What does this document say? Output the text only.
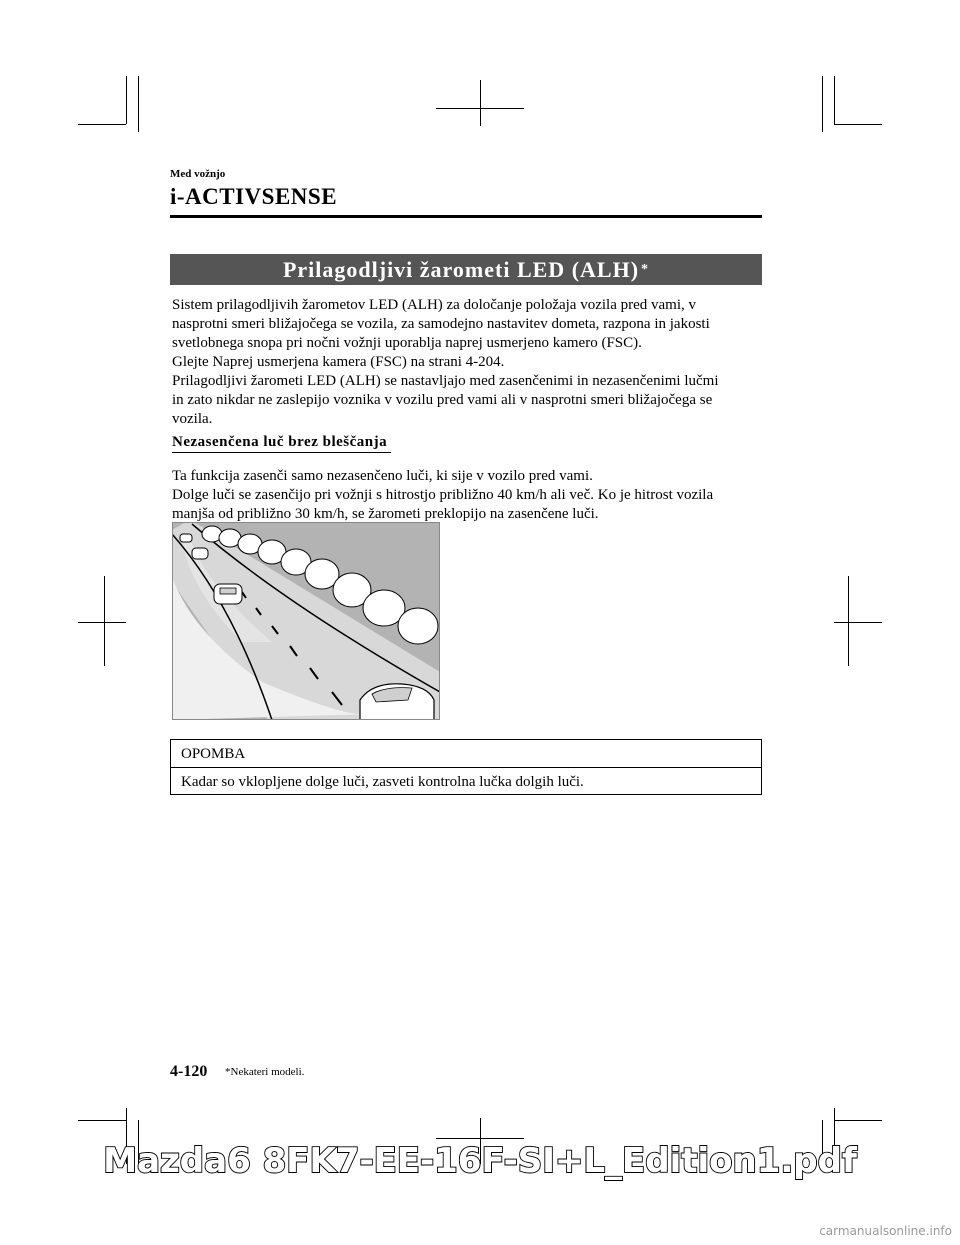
Med vožnjo
i-ACTIVSENSE
Prilagodljivi žarometi LED (ALH) *
Sistem prilagodljivih žarometov LED (ALH) za določanje položaja vozila pred vami, v
nasprotni smeri bližajočega se vozila, za samodejno nastavitev dometa, razpona in jakosti
svetlobnega snopa pri nočni vožnji uporablja naprej usmerjeno kamero (FSC).
Glejte Naprej usmerjena kamera (FSC) na strani 4-204.
Prilagodljivi žarometi LED (ALH) se nastavljajo med zasenčenimi in nezasenčenimi lučmi
in zato nikdar ne zaslepijo voznika v vozilu pred vami ali v nasprotni smeri bližajočega se
vozila.
Nezasenčena luč brez bleščanja
Ta funkcija zasenči samo nezasenčeno luči, ki sije v vozilo pred vami.
Dolge luči se zasenčijo pri vožnji s hitrostjo približno 40 km/h ali več. Ko je hitrost vozila
manjša od približno 30 km/h, se žarometi preklopijo na zasenčene luči.
OPOMBA
Kadar so vklopljene dolge luči, zasveti kontrolna lučka dolgih luči.
4-120 *Nekateri modeli.
Mazda6 8FK7-EE-16F-SI+L_Edition1.pdf
carmanualsonline.info
